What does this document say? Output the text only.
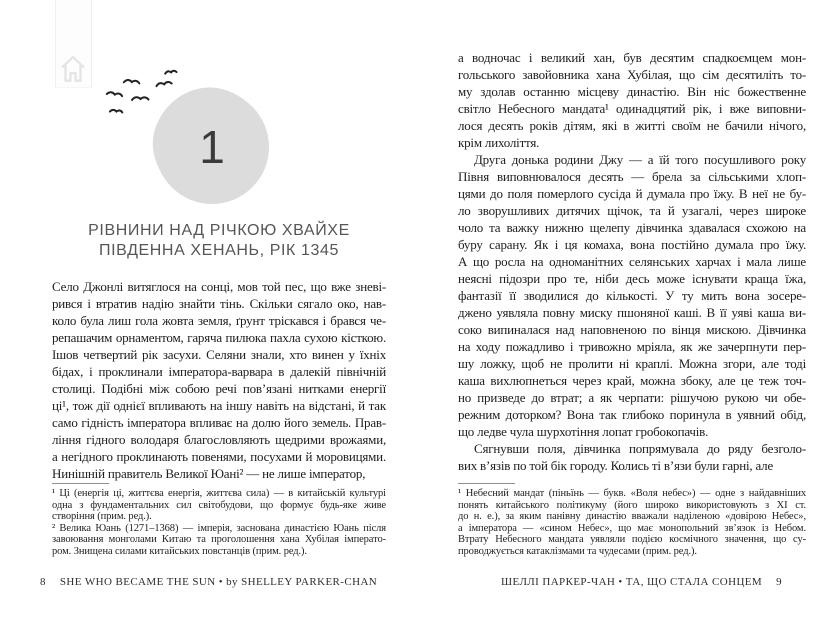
1
РІВНИНИ НАД РІЧКОЮ ХВАЙХЕ
ПІВДЕННА ХЕНАНЬ, РІК 1345
Село Джонлі витяглося на сонці, мов той пес, що вже зневі-
рився і втратив надію знайти тінь. Скільки сягало око, нав-
коло була лиш гола жовта земля, ґрунт тріскався і брався че-
репашачим орнаментом, гаряча пилюка пахла сухою кісткою.
Ішов четвертий рік засухи. Селяни знали, хто винен у їхніх
бідах, і проклинали імператора-варвара в далекій північній
столиці. Подібні між собою речі пов’язані нитками енергії
ці¹, тож дії однієї впливають на іншу навіть на відстані, й так
само гідність імператора впливає на долю його земель. Прав-
ління гідного володаря благословляють щедрими врожаями,
а негідного проклинають повенями, посухами й моровицями.
Нинішній правитель Великої Юані² — не лише імператор,
¹ Ці (енергія ці, життєва енергія, життєва сила) — в китайській культурі
одна з фундаментальних сил світобудови, що формує будь-яке живе
створіння (прим. ред.).
² Велика Юань (1271–1368) — імперія, заснована династією Юань після
завоювання монголами Китаю та проголошення хана Хубілая імперато-
ром. Знищена силами китайських повстанців (прим. ред.).
8 SHE WHO BECAME THE SUN • by SHELLEY PARKER-CHAN
а водночас і великий хан, був десятим спадкоємцем мон-
гольського завойовника хана Хубілая, що сім десятиліть то-
му здолав останню місцеву династію. Він ніс божественне
світло Небесного мандата¹ одинадцятий рік, і вже виповни-
лося десять років дітям, які в житті своїм не бачили нічого,
крім лихоліття.
Друга донька родини Джу — а їй того посушливого року
Півня виповнювалося десять — брела за сільськими хлоп-
цями до поля померлого сусіда й думала про їжу. В неї не бу-
ло зворушливих дитячих щічок, та й узагалі, через широке
чоло та важку нижню щелепу дівчинка здавалася схожою на
буру сарану. Як і ця комаха, вона постійно думала про їжу.
А що росла на одноманітних селянських харчах і мала лише
неясні підозри про те, ніби десь може існувати краща їжа,
фантазії її зводилися до кількості. У ту мить вона зосере-
джено уявляла повну миску пшоняної каші. В її уяві каша ви-
соко випиналася над наповненою по вінця мискою. Дівчинка
на ходу пожадливо і тривожно мріяла, як же зачерпнути пер-
шу ложку, щоб не пролити ні краплі. Можна згори, але тоді
каша вихлюпнеться через край, можна збоку, але це теж точ-
но призведе до втрат; а як черпати: рішучою рукою чи обе-
режним доторком? Вона так глибоко поринула в уявний обід,
що ледве чула шурхотіння лопат гробокопачів.
Сягнувши поля, дівчинка попрямувала до ряду безголо-
вих в’язів по той бік городу. Колись ті в’язи були гарні, але
¹ Небесний мандат (піньїнь — букв. «Воля небес») — одне з найдавніших
понять китайського політикуму (його широко використовують з XI ст.
до н. е.), за яким панівну династію вважали наділеною «довірою Небес»,
а імператора — «сином Небес», що має монопольний зв’язок із Небом.
Втрату Небесного мандата уявляли подією космічного значення, що су-
проводжується катаклізмами та чудесами (прим. ред.).
ШЕЛЛІ ПАРКЕР-ЧАН • ТА, ЩО СТАЛА СОНЦЕМ 9
